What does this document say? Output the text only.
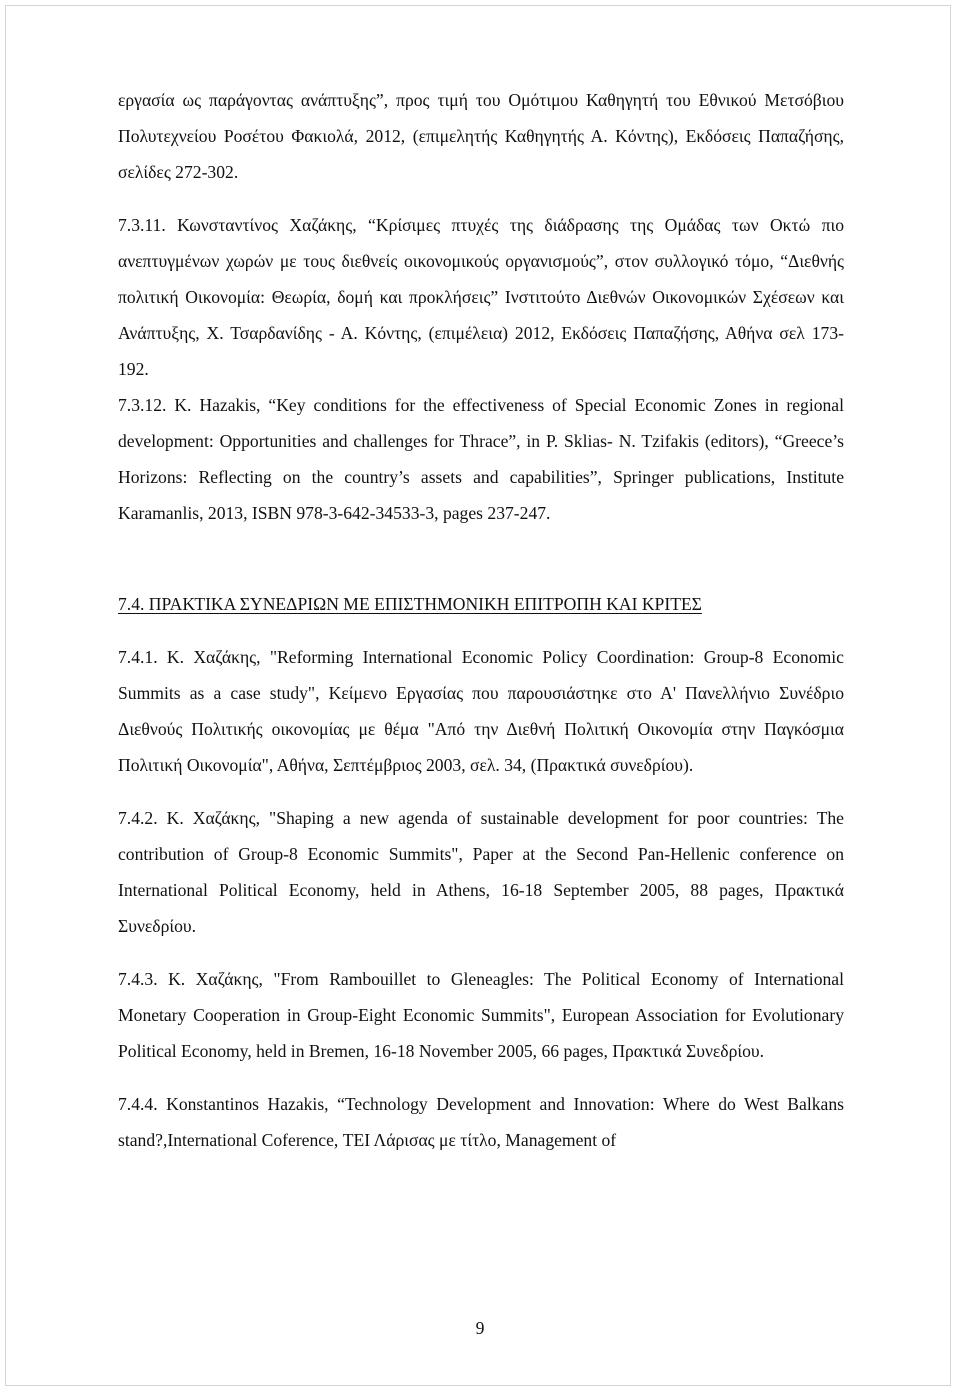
εργασία ως παράγοντας ανάπτυξης”, προς τιμή του Ομότιμου Καθηγητή του Εθνικού Μετσόβιου Πολυτεχνείου Ροσέτου Φακιολά, 2012, (επιμελητής Καθηγητής Α. Κόντης), Εκδόσεις Παπαζήσης, σελίδες 272-302.

7.3.11. Κωνσταντίνος Χαζάκης, “Κρίσιμες πτυχές της διάδρασης της Ομάδας των Οκτώ πιο ανεπτυγμένων χωρών με τους διεθνείς οικονομικούς οργανισμούς”, στον συλλογικό τόμο, “Διεθνής πολιτική Οικονομία: Θεωρία, δομή και προκλήσεις” Ινστιτούτο Διεθνών Οικονομικών Σχέσεων και Ανάπτυξης, Χ. Τσαρδανίδης - Α. Κόντης, (επιμέλεια) 2012, Εκδόσεις Παπαζήσης, Αθήνα σελ 173-192.

7.3.12. K. Hazakis, “Key conditions for the effectiveness of Special Economic Zones in regional development: Opportunities and challenges for Thrace”, in P. Sklias- N. Tzifakis (editors), “Greece’s Horizons: Reflecting on the country’s assets and capabilities”, Springer publications, Institute Karamanlis, 2013, ISBN 978-3-642-34533-3, pages 237-247.

7.4. ΠΡΑΚΤΙΚΑ ΣΥΝΕΔΡΙΩΝ ΜΕ ΕΠΙΣΤΗΜΟΝΙΚΗ ΕΠΙΤΡΟΠΗ ΚΑΙ ΚΡΙΤΕΣ

7.4.1. Κ. Χαζάκης, "Reforming International Economic Policy Coordination: Group-8 Economic Summits as a case study", Κείμενο Εργασίας που παρουσιάστηκε στο Α' Πανελλήνιο Συνέδριο Διεθνούς Πολιτικής οικονομίας με θέμα "Από την Διεθνή Πολιτική Οικονομία στην Παγκόσμια Πολιτική Οικονομία", Αθήνα, Σεπτέμβριος 2003, σελ. 34, (Πρακτικά συνεδρίου).

7.4.2. Κ. Χαζάκης, "Shaping a new agenda of sustainable development for poor countries: The contribution of Group-8 Economic Summits", Paper at the Second Pan-Hellenic conference on International Political Economy, held in Athens, 16-18 September 2005, 88 pages, Πρακτικά Συνεδρίου.

7.4.3. Κ. Χαζάκης, "From Rambouillet to Gleneagles: The Political Economy of International Monetary Cooperation in Group-Eight Economic Summits", European Association for Evolutionary Political Economy, held in Bremen, 16-18 November 2005, 66 pages, Πρακτικά Συνεδρίου.

7.4.4. Konstantinos Hazakis, “Technology Development and Innovation: Where do West Balkans stand?,International Coference, ΤΕΙ Λάρισας με τίτλο, Management of

9
